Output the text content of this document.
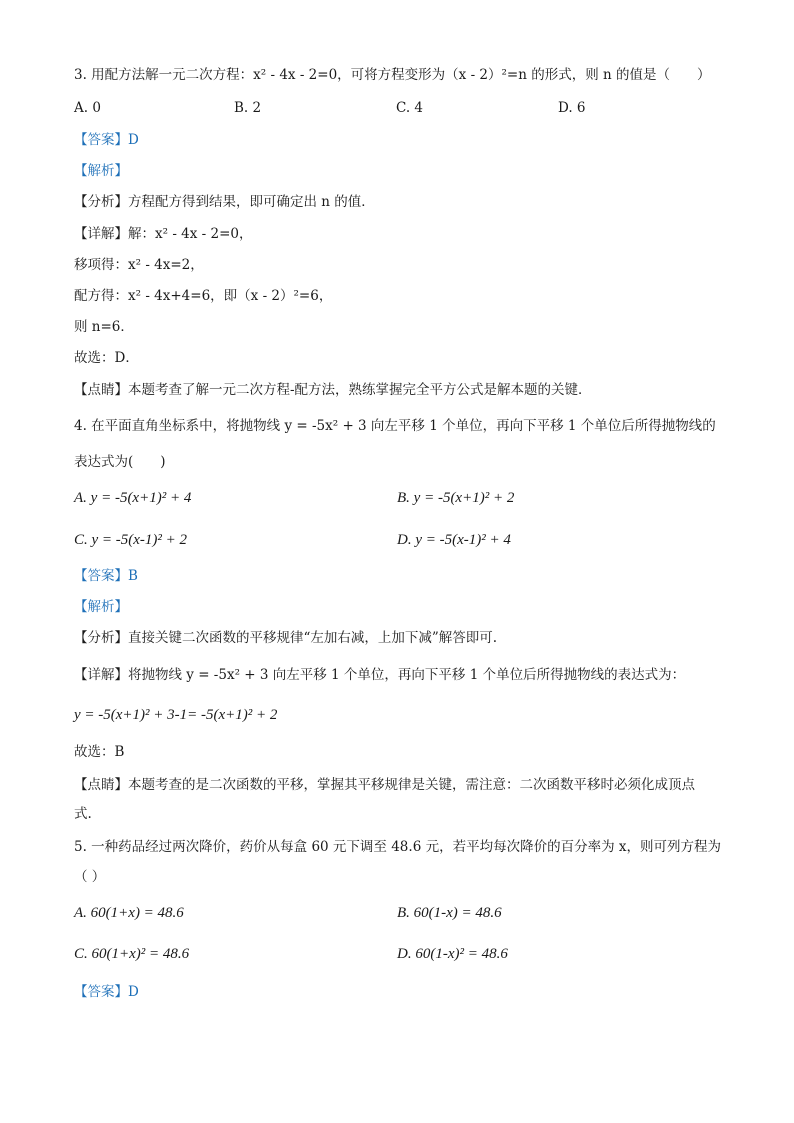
3. 用配方法解一元二次方程：x² - 4x - 2=0，可将方程变形为（x - 2）²=n 的形式，则 n 的值是（　　）
A. 0	B. 2	C. 4	D. 6
【答案】D
【解析】
【分析】方程配方得到结果，即可确定出 n 的值．
【详解】解：x² - 4x - 2=0，
移项得：x² - 4x=2，
配方得：x² - 4x+4=6，即（x - 2）²=6，
则 n=6．
故选：D．
【点睛】本题考查了解一元二次方程-配方法，熟练掌握完全平方公式是解本题的关键．
4. 在平面直角坐标系中，将抛物线 y = -5x² + 3 向左平移 1 个单位，再向下平移 1 个单位后所得抛物线的
表达式为(　　)
A. y = -5(x+1)² + 4	B. y = -5(x+1)² + 2
C. y = -5(x-1)² + 2	D. y = -5(x-1)² + 4
【答案】B
【解析】
【分析】直接关键二次函数的平移规律“左加右减，上加下减”解答即可.
【详解】将抛物线 y = -5x² + 3 向左平移 1 个单位，再向下平移 1 个单位后所得抛物线的表达式为：
y = -5(x+1)² + 3-1= -5(x+1)² + 2
故选：B
【点睛】本题考查的是二次函数的平移，掌握其平移规律是关键，需注意：二次函数平移时必须化成顶点
式.
5. 一种药品经过两次降价，药价从每盒 60 元下调至 48.6 元，若平均每次降价的百分率为 x，则可列方程为
（ ）
A. 60(1+x) = 48.6	B. 60(1-x) = 48.6
C. 60(1+x)² = 48.6	D. 60(1-x)² = 48.6
【答案】D
